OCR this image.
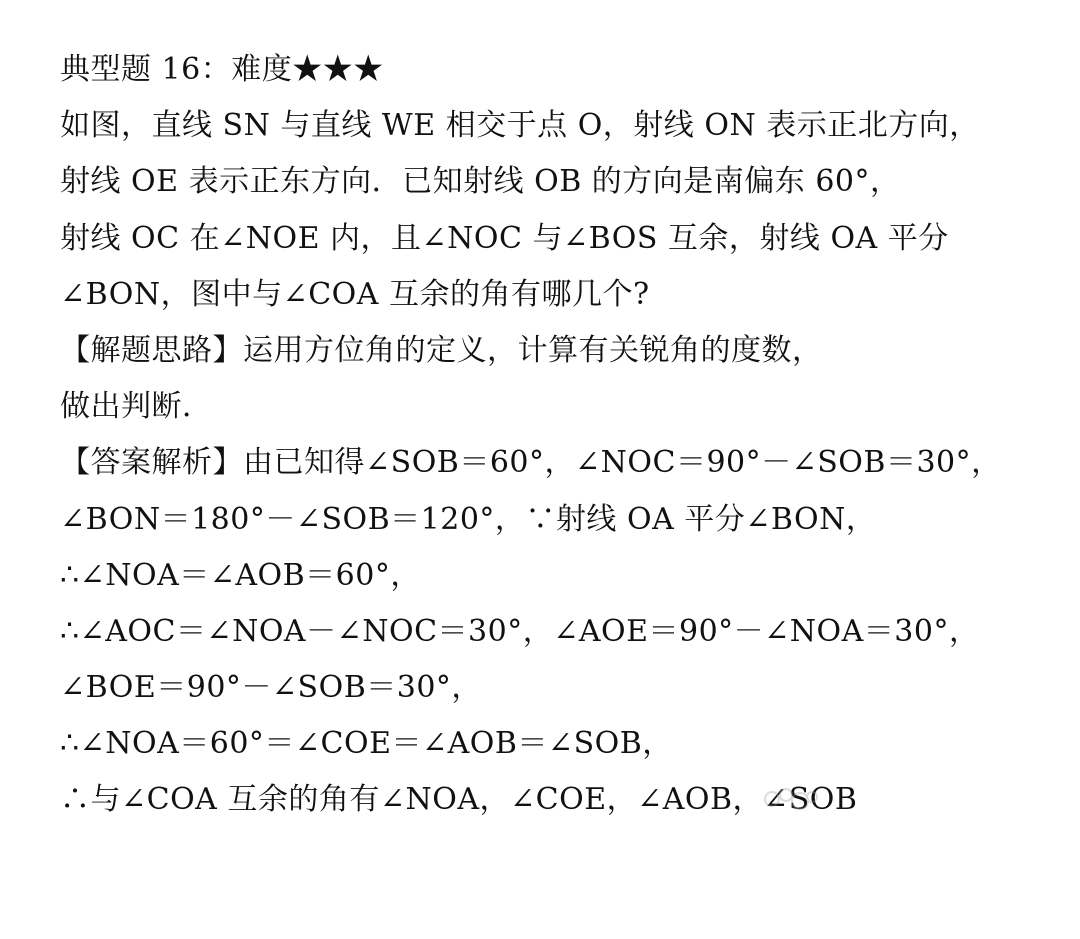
典型题 16：难度★★★
如图，直线 SN 与直线 WE 相交于点 O，射线 ON 表示正北方向，
射线 OE 表示正东方向．已知射线 OB 的方向是南偏东 60°，
射线 OC 在∠NOE 内，且∠NOC 与∠BOS 互余，射线 OA 平分
∠BON，图中与∠COA 互余的角有哪几个?
【解题思路】运用方位角的定义，计算有关锐角的度数，
做出判断．
【答案解析】由已知得∠SOB＝60°，∠NOC＝90°－∠SOB＝30°，
∠BON＝180°－∠SOB＝120°，∵射线 OA 平分∠BON，
∴∠NOA＝∠AOB＝60°，
∴∠AOC＝∠NOA－∠NOC＝30°，∠AOE＝90°－∠NOA＝30°，
∠BOE＝90°－∠SOB＝30°，
∴∠NOA＝60°＝∠COE＝∠AOB＝∠SOB，
∴与∠COA 互余的角有∠NOA，∠COE，∠AOB，∠SOB
